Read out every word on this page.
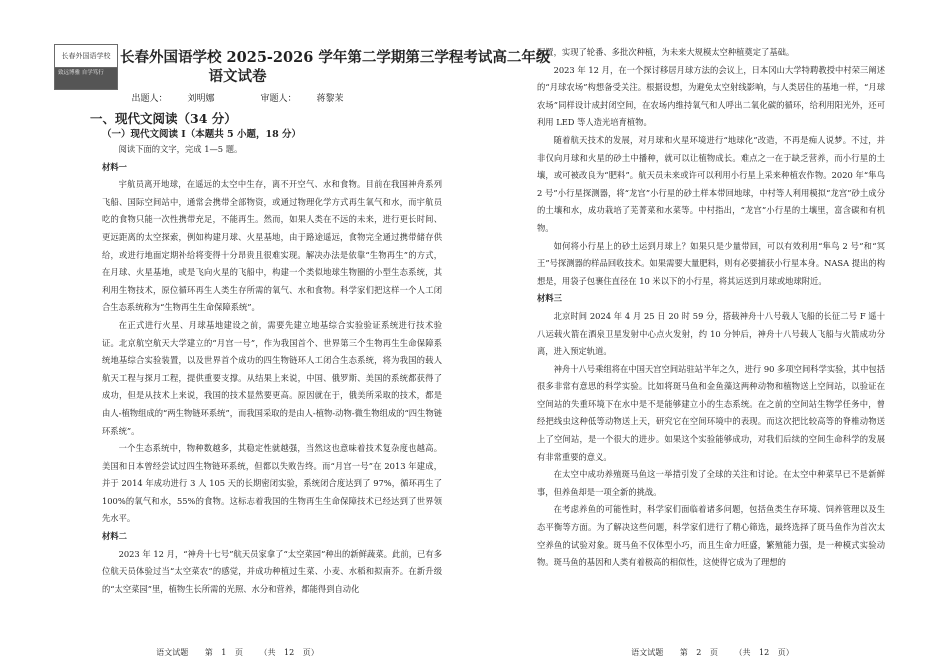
长春外国语学校
致远博雅 自学笃行
长春外国语学校 2025-2026 学年第二学期第三学程考试高二年级
语文试卷
出题人： 刘明娜	审题人： 蒋黎茉
一、现代文阅读（34 分）
（一）现代文阅读 I（本题共 5 小题，18 分）

阅读下面的文字，完成 1—5 题。

材料一

宇航员离开地球，在遥远的太空中生存，离不开空气、水和食物。目前在我国神舟系列飞船、国际空间站中，通常会携带全部物资，或通过物理化学方式再生氧气和水，而宇航员吃的食物只能一次性携带充足，不能再生。然而，如果人类在不远的未来，进行更长时间、更远距离的太空探索，例如构建月球、火星基地，由于路途遥远，食物完全通过携带储存供给，或进行地面定期补给将变得十分昂贵且很难实现。解决办法是依靠“生物再生”的方式，在月球、火星基地，或是飞向火星的飞船中，构建一个类似地球生物圈的小型生态系统，其利用生物技术，原位循环再生人类生存所需的氧气、水和食物。科学家们把这样一个人工闭合生态系统称为“生物再生生命保障系统”。

在正式进行火星、月球基地建设之前，需要先建立地基综合实验验证系统进行技术验证。北京航空航天大学建立的“月宫一号”，作为我国首个、世界第三个生物再生生命保障系统地基综合实验装置，以及世界首个成功的四生物链环人工闭合生态系统，将为我国的载人航天工程与探月工程，提供重要支撑。从结果上来说，中国、俄罗斯、美国的系统都获得了成功，但是从技术上来说，我国的技术显然要更高。原因就在于，俄美所采取的技术，都是由人-植物组成的“两生物链环系统”，而我国采取的是由人-植物-动物-微生物组成的“四生物链环系统”。

一个生态系统中，物种数越多，其稳定性就越强，当然这也意味着技术复杂度也越高。美国和日本曾经尝试过四生物链环系统，但都以失败告终。而“月宫一号”在 2013 年建成，并于 2014 年成功进行 3 人 105 天的长期密闭实验，系统闭合度达到了 97%，循环再生了 100%的氧气和水，55%的食物。这标志着我国的生物再生生命保障技术已经达到了世界领先水平。

材料二

2023 年 12 月，“神舟十七号”航天员家拿了“太空菜园”种出的新鲜蔬菜。此前，已有多位航天员体验过当“太空菜农”的感觉，并成功种植过生菜、小麦、水稻和拟南芥。在新升级的“太空菜园”里，植物生长所需的光照、水分和营养，都能得到自动化

语文试题 第 1 页 （共 12 页）

配置，实现了轮番、多批次种植，为未来大规模太空种植奠定了基础。

2023 年 12 月，在一个探讨移居月球方法的会议上，日本冈山大学特聘教授中村荣三阐述的“月球农场”构想备受关注。根据设想，为避免太空射线影响，与人类居住的基地一样，“月球农场”同样设计成封闭空间，在农场内维持氧气和人呼出二氧化碳的循环，给利用阳光外，还可利用 LED 等人造光培育植物。

随着航天技术的发展，对月球和火星环境进行“地球化”改造，不再是痴人说梦。不过，并非仅向月球和火星的砂土中播种，就可以让植物成长。难点之一在于缺乏营养，而小行星的土壤，或可被改良为“肥料”。航天员未来或许可以利用小行星上采来种植农作物。2020 年“隼鸟 2 号”小行星探测器，将“龙宫”小行星的砂土样本带回地球，中村等人利用模拟“龙宫”砂土成分的土壤和水，成功栽培了芜菁菜和水菜等。中村指出，“龙宫”小行星的土壤里，富含碳和有机物。

如何将小行星上的砂土运到月球上？如果只是少量带回，可以有效利用“隼鸟 2 号”和“冥王”号探测器的样品回收技术。如果需要大量肥料，则有必要捕获小行星本身。NASA 提出的构想是，用袋子包裹住直径在 10 米以下的小行星，将其运送到月球或地球附近。

材料三

北京时间 2024 年 4 月 25 日 20 时 59 分，搭载神舟十八号载人飞船的长征二号 F 遥十八运载火箭在酒泉卫星发射中心点火发射，约 10 分钟后，神舟十八号载人飞船与火箭成功分离，进入预定轨道。

神舟十八号乘组将在中国天宫空间站驻站半年之久，进行 90 多项空间科学实验，其中包括很多非常有意思的科学实验。比如将斑马鱼和金鱼藻这两种动物和植物送上空间站，以验证在空间站的失重环境下在水中是不是能够建立小的生态系统。在之前的空间站生物学任务中，曾经把线虫这种低等动物送上天，研究它在空间环境中的表现。而这次把比较高等的脊椎动物送上了空间站，是一个很大的进步。如果这个实验能够成功，对我们后续的空间生命科学的发展有非常重要的意义。

在太空中成功养殖斑马鱼这一举措引发了全球的关注和讨论。在太空中种菜早已不是新鲜事，但养鱼却是一项全新的挑战。

在考虑养鱼的可能性时，科学家们面临着诸多问题，包括鱼类生存环境、饲养管理以及生态平衡等方面。为了解决这些问题，科学家们进行了精心筛选，最终选择了斑马鱼作为首次太空养鱼的试验对象。斑马鱼不仅体型小巧，而且生命力旺盛，繁殖能力强，是一种模式实验动物。斑马鱼的基因和人类有着极高的相似性，这使得它成为了理想的

语文试题 第 2 页 （共 12 页）
